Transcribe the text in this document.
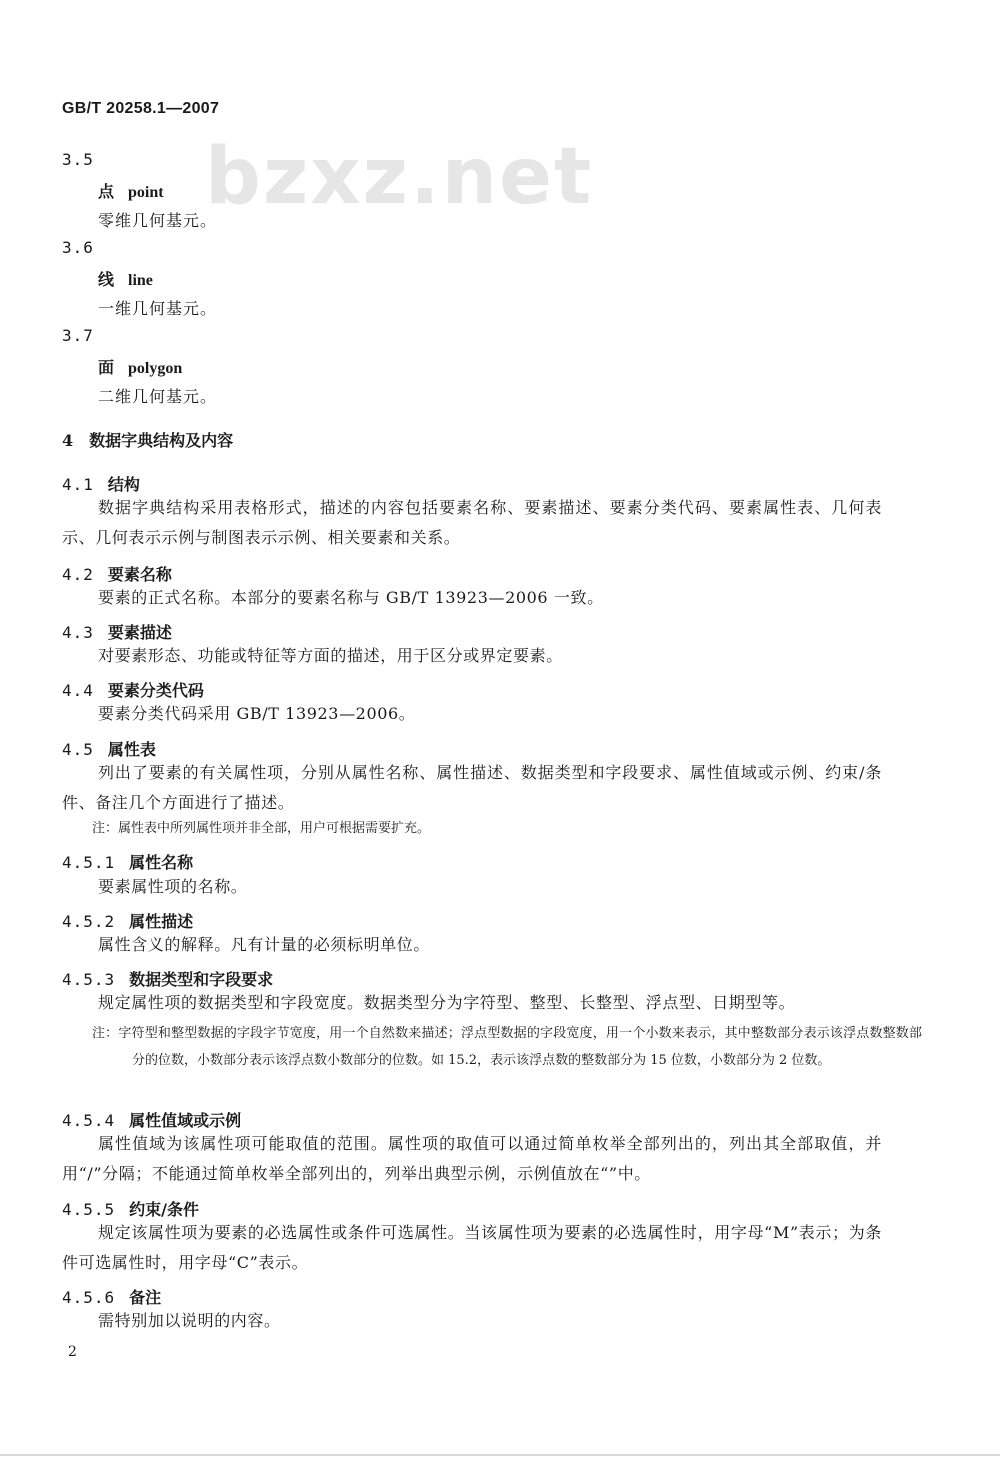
GB/T 20258.1—2007
bzxz.net
3.5
点 point
零维几何基元。
3.6
线 line
一维几何基元。
3.7
面 polygon
二维几何基元。
4　数据字典结构及内容
4.1 结构
数据字典结构采用表格形式，描述的内容包括要素名称、要素描述、要素分类代码、要素属性表、几何表示、几何表示示例与制图表示示例、相关要素和关系。
4.2 要素名称
要素的正式名称。本部分的要素名称与 GB/T 13923—2006 一致。
4.3 要素描述
对要素形态、功能或特征等方面的描述，用于区分或界定要素。
4.4 要素分类代码
要素分类代码采用 GB/T 13923—2006。
4.5 属性表
列出了要素的有关属性项，分别从属性名称、属性描述、数据类型和字段要求、属性值域或示例、约束/条件、备注几个方面进行了描述。
注：属性表中所列属性项并非全部，用户可根据需要扩充。
4.5.1 属性名称
要素属性项的名称。
4.5.2 属性描述
属性含义的解释。凡有计量的必须标明单位。
4.5.3 数据类型和字段要求
规定属性项的数据类型和字段宽度。数据类型分为字符型、整型、长整型、浮点型、日期型等。
注：字符型和整型数据的字段字节宽度，用一个自然数来描述；浮点型数据的字段宽度，用一个小数来表示，其中整数部分表示该浮点数整数部分的位数，小数部分表示该浮点数小数部分的位数。如 15.2，表示该浮点数的整数部分为 15 位数，小数部分为 2 位数。
4.5.4 属性值域或示例
属性值域为该属性项可能取值的范围。属性项的取值可以通过简单枚举全部列出的，列出其全部取值，并用“/”分隔；不能通过简单枚举全部列出的，列举出典型示例，示例值放在“”中。
4.5.5 约束/条件
规定该属性项为要素的必选属性或条件可选属性。当该属性项为要素的必选属性时，用字母“M”表示；为条件可选属性时，用字母“C”表示。
4.5.6 备注
需特别加以说明的内容。
2
